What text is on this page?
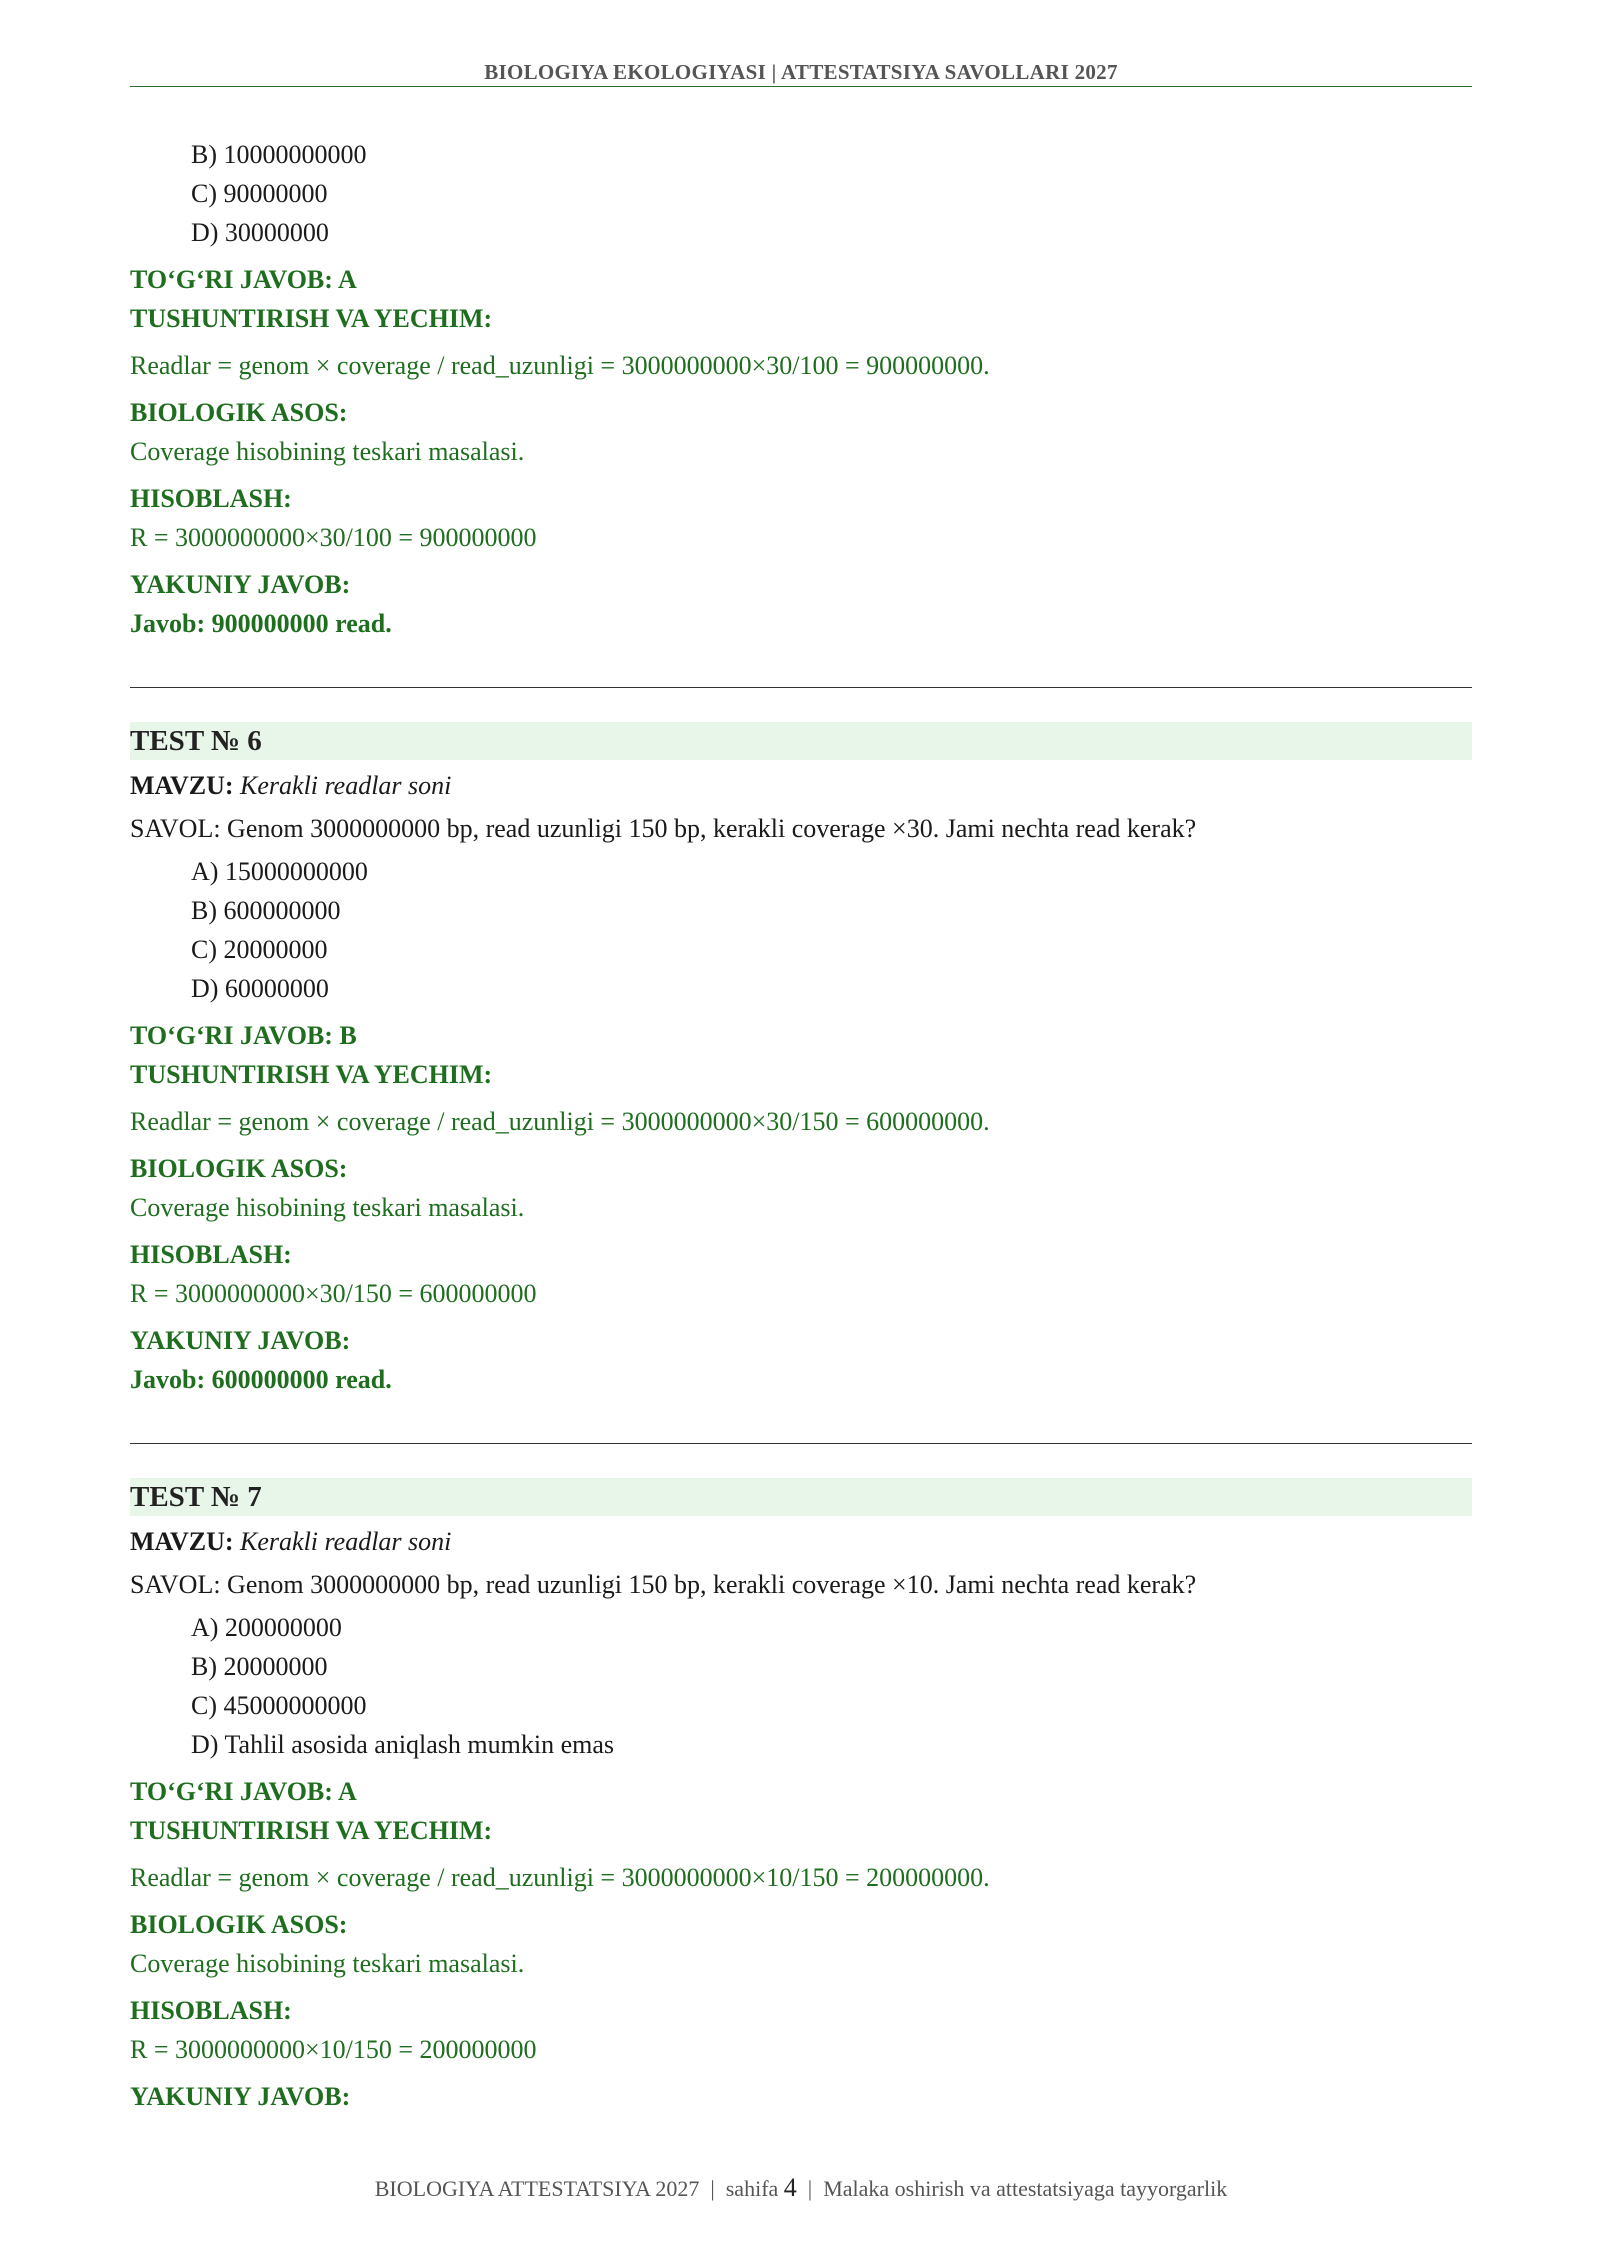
BIOLOGIYA EKOLOGIYASI | ATTESTATSIYA SAVOLLARI 2027
B) 10000000000
C) 90000000
D) 30000000
TO‘G‘RI JAVOB: A
TUSHUNTIRISH VA YECHIM:
Readlar = genom × coverage / read_uzunligi = 3000000000×30/100 = 900000000.
BIOLOGIK ASOS:
Coverage hisobining teskari masalasi.
HISOBLASH:
R = 3000000000×30/100 = 900000000
YAKUNIY JAVOB:
Javob: 900000000 read.
TEST № 6
MAVZU: Kerakli readlar soni
SAVOL: Genom 3000000000 bp, read uzunligi 150 bp, kerakli coverage ×30. Jami nechta read kerak?
A) 15000000000
B) 600000000
C) 20000000
D) 60000000
TO‘G‘RI JAVOB: B
TUSHUNTIRISH VA YECHIM:
Readlar = genom × coverage / read_uzunligi = 3000000000×30/150 = 600000000.
BIOLOGIK ASOS:
Coverage hisobining teskari masalasi.
HISOBLASH:
R = 3000000000×30/150 = 600000000
YAKUNIY JAVOB:
Javob: 600000000 read.
TEST № 7
MAVZU: Kerakli readlar soni
SAVOL: Genom 3000000000 bp, read uzunligi 150 bp, kerakli coverage ×10. Jami nechta read kerak?
A) 200000000
B) 20000000
C) 45000000000
D) Tahlil asosida aniqlash mumkin emas
TO‘G‘RI JAVOB: A
TUSHUNTIRISH VA YECHIM:
Readlar = genom × coverage / read_uzunligi = 3000000000×10/150 = 200000000.
BIOLOGIK ASOS:
Coverage hisobining teskari masalasi.
HISOBLASH:
R = 3000000000×10/150 = 200000000
YAKUNIY JAVOB:
BIOLOGIYA ATTESTATSIYA 2027 | sahifa 4 | Malaka oshirish va attestatsiyaga tayyorgarlik
